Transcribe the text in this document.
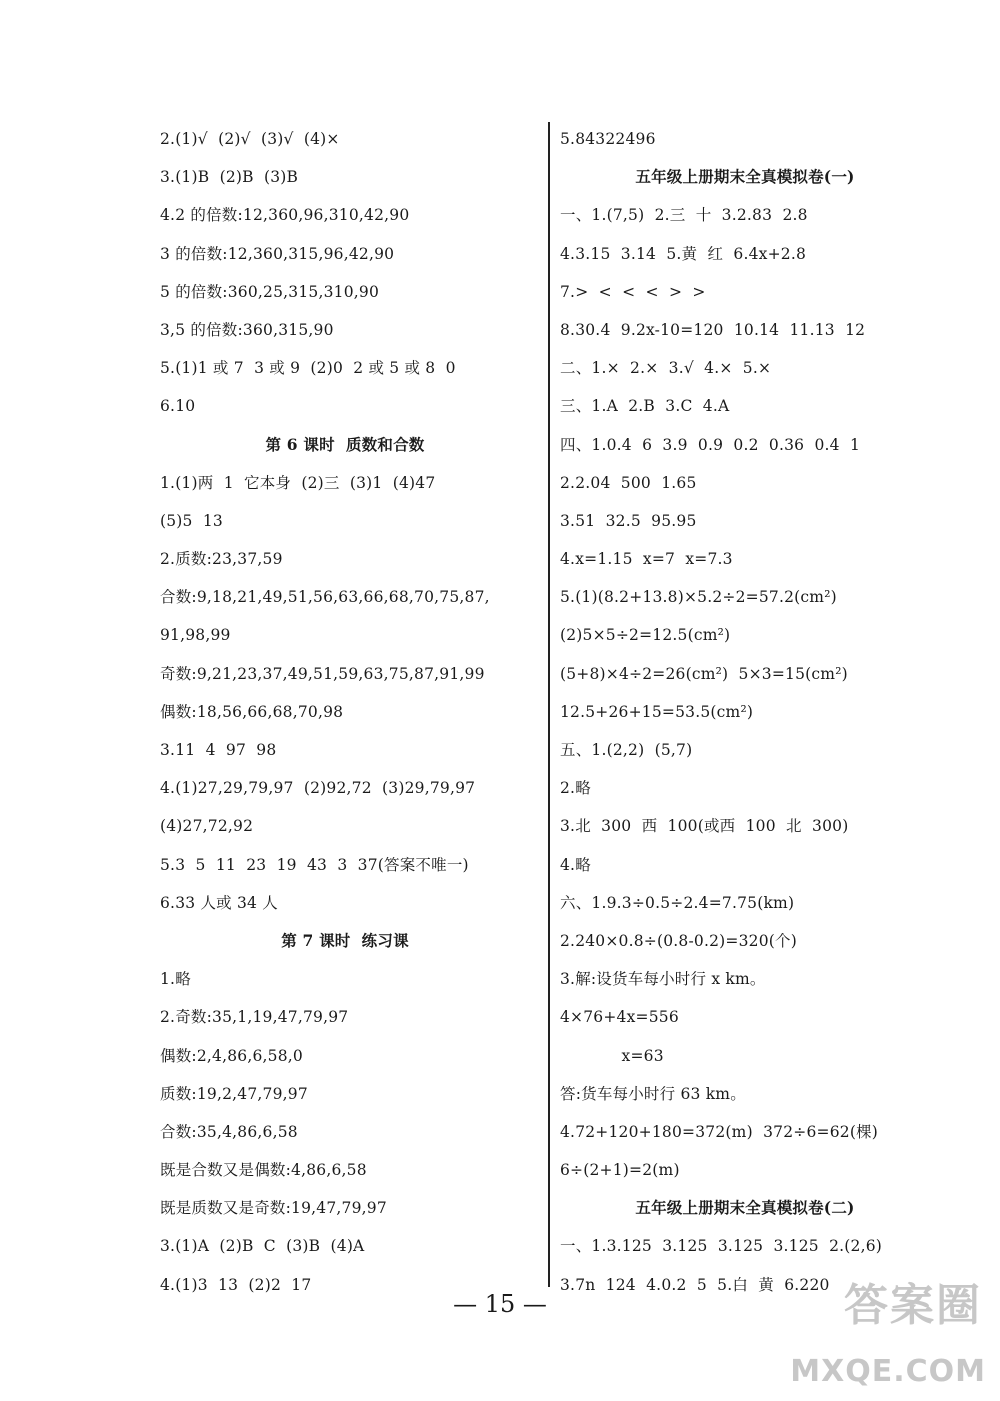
2.(1)√  (2)√  (3)√  (4)×
3.(1)B  (2)B  (3)B
4.2 的倍数:12,360,96,310,42,90
3 的倍数:12,360,315,96,42,90
5 的倍数:360,25,315,310,90
3,5 的倍数:360,315,90
5.(1)1 或 7  3 或 9  (2)0  2 或 5 或 8  0
6.10
第 6 课时  质数和合数
1.(1)两  1  它本身  (2)三  (3)1  (4)47
(5)5  13
2.质数:23,37,59
合数:9,18,21,49,51,56,63,66,68,70,75,87,
91,98,99
奇数:9,21,23,37,49,51,59,63,75,87,91,99
偶数:18,56,66,68,70,98
3.11  4  97  98
4.(1)27,29,79,97  (2)92,72  (3)29,79,97
(4)27,72,92
5.3  5  11  23  19  43  3  37(答案不唯一)
6.33 人或 34 人
第 7 课时  练习课
1.略
2.奇数:35,1,19,47,79,97
偶数:2,4,86,6,58,0
质数:19,2,47,79,97
合数:35,4,86,6,58
既是合数又是偶数:4,86,6,58
既是质数又是奇数:19,47,79,97
3.(1)A  (2)B  C  (3)B  (4)A
4.(1)3  13  (2)2  17
5.84322496
五年级上册期末全真模拟卷(一)
一、1.(7,5)  2.三  十  3.2.83  2.8
4.3.15  3.14  5.黄  红  6.4x+2.8
7.>  <  <  <  >  >
8.30.4  9.2x-10=120  10.14  11.13  12
二、1.×  2.×  3.√  4.×  5.×
三、1.A  2.B  3.C  4.A
四、1.0.4  6  3.9  0.9  0.2  0.36  0.4  1
2.2.04  500  1.65
3.51  32.5  95.95
4.x=1.15  x=7  x=7.3
5.(1)(8.2+13.8)×5.2÷2=57.2(cm²)
(2)5×5÷2=12.5(cm²)
(5+8)×4÷2=26(cm²)  5×3=15(cm²)
12.5+26+15=53.5(cm²)
五、1.(2,2)  (5,7)
2.略
3.北  300  西  100(或西  100  北  300)
4.略
六、1.9.3÷0.5÷2.4=7.75(km)
2.240×0.8÷(0.8-0.2)=320(个)
3.解:设货车每小时行 x km。
4×76+4x=556
x=63
答:货车每小时行 63 km。
4.72+120+180=372(m)  372÷6=62(棵)
6÷(2+1)=2(m)
五年级上册期末全真模拟卷(二)
一、1.3.125  3.125  3.125  3.125  2.(2,6)
3.7n  124  4.0.2  5  5.白  黄  6.220
— 15 —	答案圈
MXQE.COM
